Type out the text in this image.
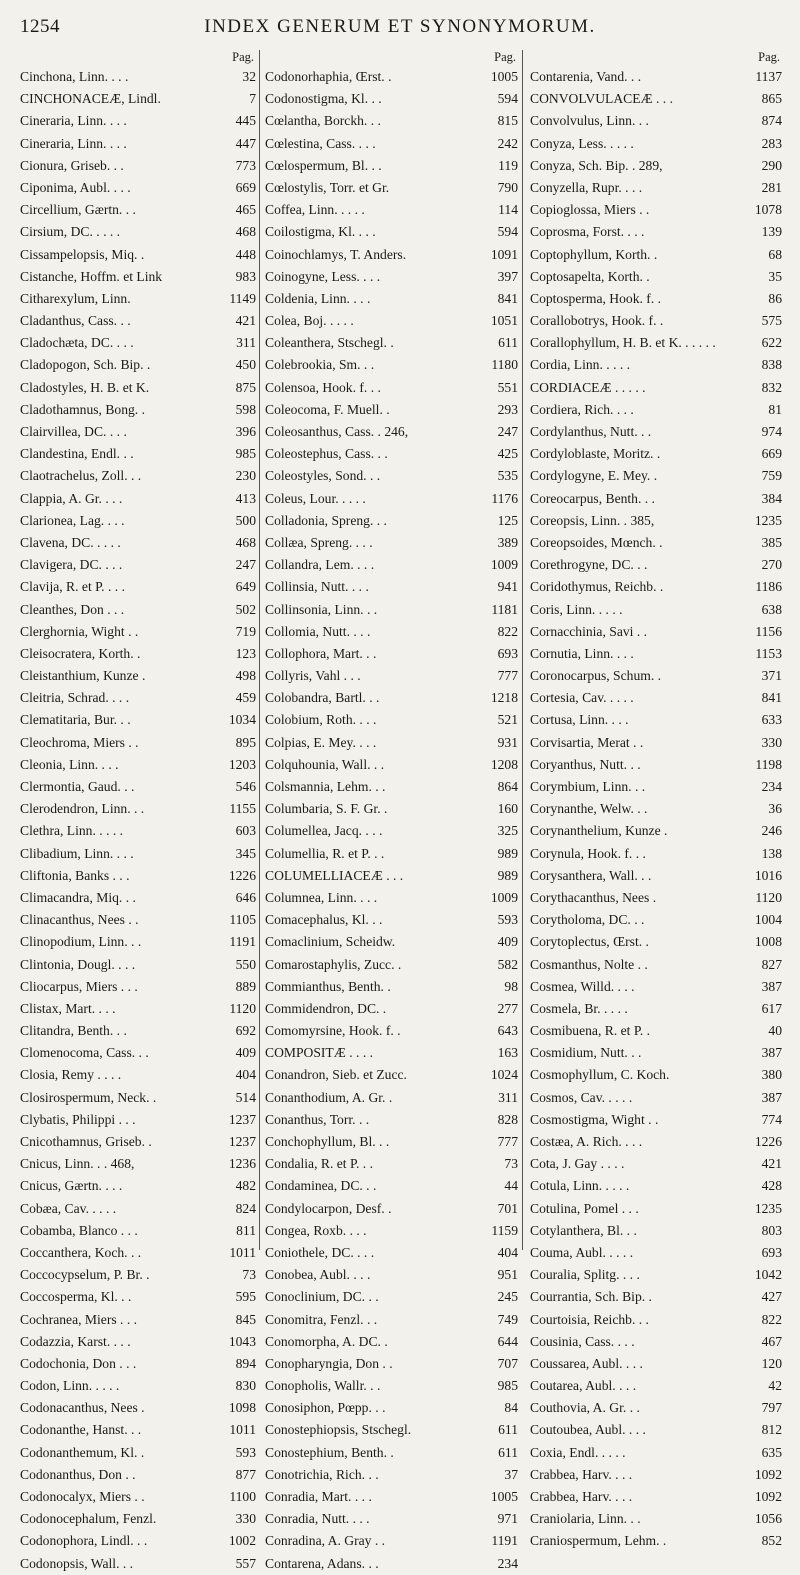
1254	INDEX GENERUM ET SYNONYMORUM.
Pag.
Cinchona, Linn. . . .	32
CINCHONACEÆ, Lindl.	7
Cineraria, Linn. . . .	445
Cineraria, Linn. . . .	447
Cionura, Griseb. . .	773
Ciponima, Aubl. . . .	669
Circellium, Gærtn. . .	465
Cirsium, DC. . . . .	468
Cissampelopsis, Miq. .	448
Cistanche, Hoffm. et Link	983
Citharexylum, Linn.	1149
Cladanthus, Cass. . .	421
Cladochæta, DC. . . .	311
Cladopogon, Sch. Bip. .	450
Cladostyles, H. B. et K.	875
Cladothamnus, Bong. .	598
Clairvillea, DC. . . .	396
Clandestina, Endl. . .	985
Claotrachelus, Zoll. . .	230
Clappia, A. Gr. . . .	413
Clarionea, Lag. . . .	500
Clavena, DC. . . . .	468
Clavigera, DC. . . .	247
Clavija, R. et P. . . .	649
Cleanthes, Don . . .	502
Clerghornia, Wight . .	719
Cleisocratera, Korth. .	123
Cleistanthium, Kunze .	498
Cleitria, Schrad. . . .	459
Clematitaria, Bur. . .	1034
Cleochroma, Miers . .	895
Cleonia, Linn. . . .	1203
Clermontia, Gaud. . .	546
Clerodendron, Linn. . .	1155
Clethra, Linn. . . . .	603
Clibadium, Linn. . . .	345
Cliftonia, Banks . . .	1226
Climacandra, Miq. . .	646
Clinacanthus, Nees . .	1105
Clinopodium, Linn. . .	1191
Clintonia, Dougl. . . .	550
Cliocarpus, Miers . . .	889
Clistax, Mart. . . .	1120
Clitandra, Benth. . .	692
Clomenocoma, Cass. . .	409
Closia, Remy . . . .	404
Closirospermum, Neck. .	514
Clybatis, Philippi . . .	1237
Cnicothamnus, Griseb. .	1237
Cnicus, Linn. . . 468,	1236
Cnicus, Gærtn. . . .	482
Cobæa, Cav. . . . .	824
Cobamba, Blanco . . .	811
Coccanthera, Koch. . .	1011
Coccocypselum, P. Br. .	73
Coccosperma, Kl. . .	595
Cochranea, Miers . . .	845
Codazzia, Karst. . . .	1043
Codochonia, Don . . .	894
Codon, Linn. . . . .	830
Codonacanthus, Nees .	1098
Codonanthe, Hanst. . .	1011
Codonanthemum, Kl. .	593
Codonanthus, Don . .	877
Codonocalyx, Miers . .	1100
Codonocephalum, Fenzl.	330
Codonophora, Lindl. . .	1002
Codonopsis, Wall. . .	557
Pag.
Codonorhaphia, Œrst. .	1005
Codonostigma, Kl. . .	594
Cœlantha, Borckh. . .	815
Cœlestina, Cass. . . .	242
Cœlospermum, Bl. . .	119
Cœlostylis, Torr. et Gr.	790
Coffea, Linn. . . . .	114
Coilostigma, Kl. . . .	594
Coinochlamys, T. Anders.	1091
Coinogyne, Less. . . .	397
Coldenia, Linn. . . .	841
Colea, Boj. . . . .	1051
Coleanthera, Stschegl. .	611
Colebrookia, Sm. . .	1180
Colensoa, Hook. f. . .	551
Coleocoma, F. Muell. .	293
Coleosanthus, Cass. . 246,	247
Coleostephus, Cass. . .	425
Coleostyles, Sond. . .	535
Coleus, Lour. . . . .	1176
Colladonia, Spreng. . .	125
Collæa, Spreng. . . .	389
Collandra, Lem. . . .	1009
Collinsia, Nutt. . . .	941
Collinsonia, Linn. . .	1181
Collomia, Nutt. . . .	822
Collophora, Mart. . .	693
Collyris, Vahl . . .	777
Colobandra, Bartl. . .	1218
Colobium, Roth. . . .	521
Colpias, E. Mey. . . .	931
Colquhounia, Wall. . .	1208
Colsmannia, Lehm. . .	864
Columbaria, S. F. Gr. .	160
Columellea, Jacq. . . .	325
Columellia, R. et P. . .	989
COLUMELLIACEÆ . . .	989
Columnea, Linn. . . .	1009
Comacephalus, Kl. . .	593
Comaclinium, Scheidw.	409
Comarostaphylis, Zucc. .	582
Commianthus, Benth. .	98
Commidendron, DC. .	277
Comomyrsine, Hook. f. .	643
COMPOSITÆ . . . .	163
Conandron, Sieb. et Zucc.	1024
Conanthodium, A. Gr. .	311
Conanthus, Torr. . .	828
Conchophyllum, Bl. . .	777
Condalia, R. et P. . .	73
Condaminea, DC. . .	44
Condylocarpon, Desf. .	701
Congea, Roxb. . . .	1159
Coniothele, DC. . . .	404
Conobea, Aubl. . . .	951
Conoclinium, DC. . .	245
Conomitra, Fenzl. . .	749
Conomorpha, A. DC. .	644
Conopharyngia, Don . .	707
Conopholis, Wallr. . .	985
Conosiphon, Pœpp. . .	84
Conostephiopsis, Stschegl.	611
Conostephium, Benth. .	611
Conotrichia, Rich. . .	37
Conradia, Mart. . . .	1005
Conradia, Nutt. . . .	971
Conradina, A. Gray . .	1191
Contarena, Adans. . .	234
Pag.
Contarenia, Vand. . .	1137
CONVOLVULACEÆ . . .	865
Convolvulus, Linn. . .	874
Conyza, Less. . . . .	283
Conyza, Sch. Bip. . 289,	290
Conyzella, Rupr. . . .	281
Copioglossa, Miers . .	1078
Coprosma, Forst. . . .	139
Coptophyllum, Korth. .	68
Coptosapelta, Korth. .	35
Coptosperma, Hook. f. .	86
Corallobotrys, Hook. f. .	575
Corallophyllum, H. B. et K. . . . . .	622
Cordia, Linn. . . . .	838
CORDIACEÆ . . . . .	832
Cordiera, Rich. . . .	81
Cordylanthus, Nutt. . .	974
Cordyloblaste, Moritz. .	669
Cordylogyne, E. Mey. .	759
Coreocarpus, Benth. . .	384
Coreopsis, Linn. . 385,	1235
Coreopsoides, Mœnch. .	385
Corethrogyne, DC. . .	270
Coridothymus, Reichb. .	1186
Coris, Linn. . . . .	638
Cornacchinia, Savi . .	1156
Cornutia, Linn. . . .	1153
Coronocarpus, Schum. .	371
Cortesia, Cav. . . . .	841
Cortusa, Linn. . . .	633
Corvisartia, Merat . .	330
Coryanthus, Nutt. . .	1198
Corymbium, Linn. . .	234
Corynanthe, Welw. . .	36
Corynanthelium, Kunze .	246
Corynula, Hook. f. . .	138
Corysanthera, Wall. . .	1016
Corythacanthus, Nees .	1120
Corytholoma, DC. . .	1004
Corytoplectus, Œrst. .	1008
Cosmanthus, Nolte . .	827
Cosmea, Willd. . . .	387
Cosmela, Br. . . . .	617
Cosmibuena, R. et P. .	40
Cosmidium, Nutt. . .	387
Cosmophyllum, C. Koch.	380
Cosmos, Cav. . . . .	387
Cosmostigma, Wight . .	774
Costæa, A. Rich. . . .	1226
Cota, J. Gay . . . .	421
Cotula, Linn. . . . .	428
Cotulina, Pomel . . .	1235
Cotylanthera, Bl. . .	803
Couma, Aubl. . . . .	693
Couralia, Splitg. . . .	1042
Courrantia, Sch. Bip. .	427
Courtoisia, Reichb. . .	822
Cousinia, Cass. . . .	467
Coussarea, Aubl. . . .	120
Coutarea, Aubl. . . .	42
Couthovia, A. Gr. . .	797
Coutoubea, Aubl. . . .	812
Coxia, Endl. . . . .	635
Crabbea, Harv. . . .	1092
Crabbea, Harv. . . .	1092
Craniolaria, Linn. . .	1056
Craniospermum, Lehm. .	852
